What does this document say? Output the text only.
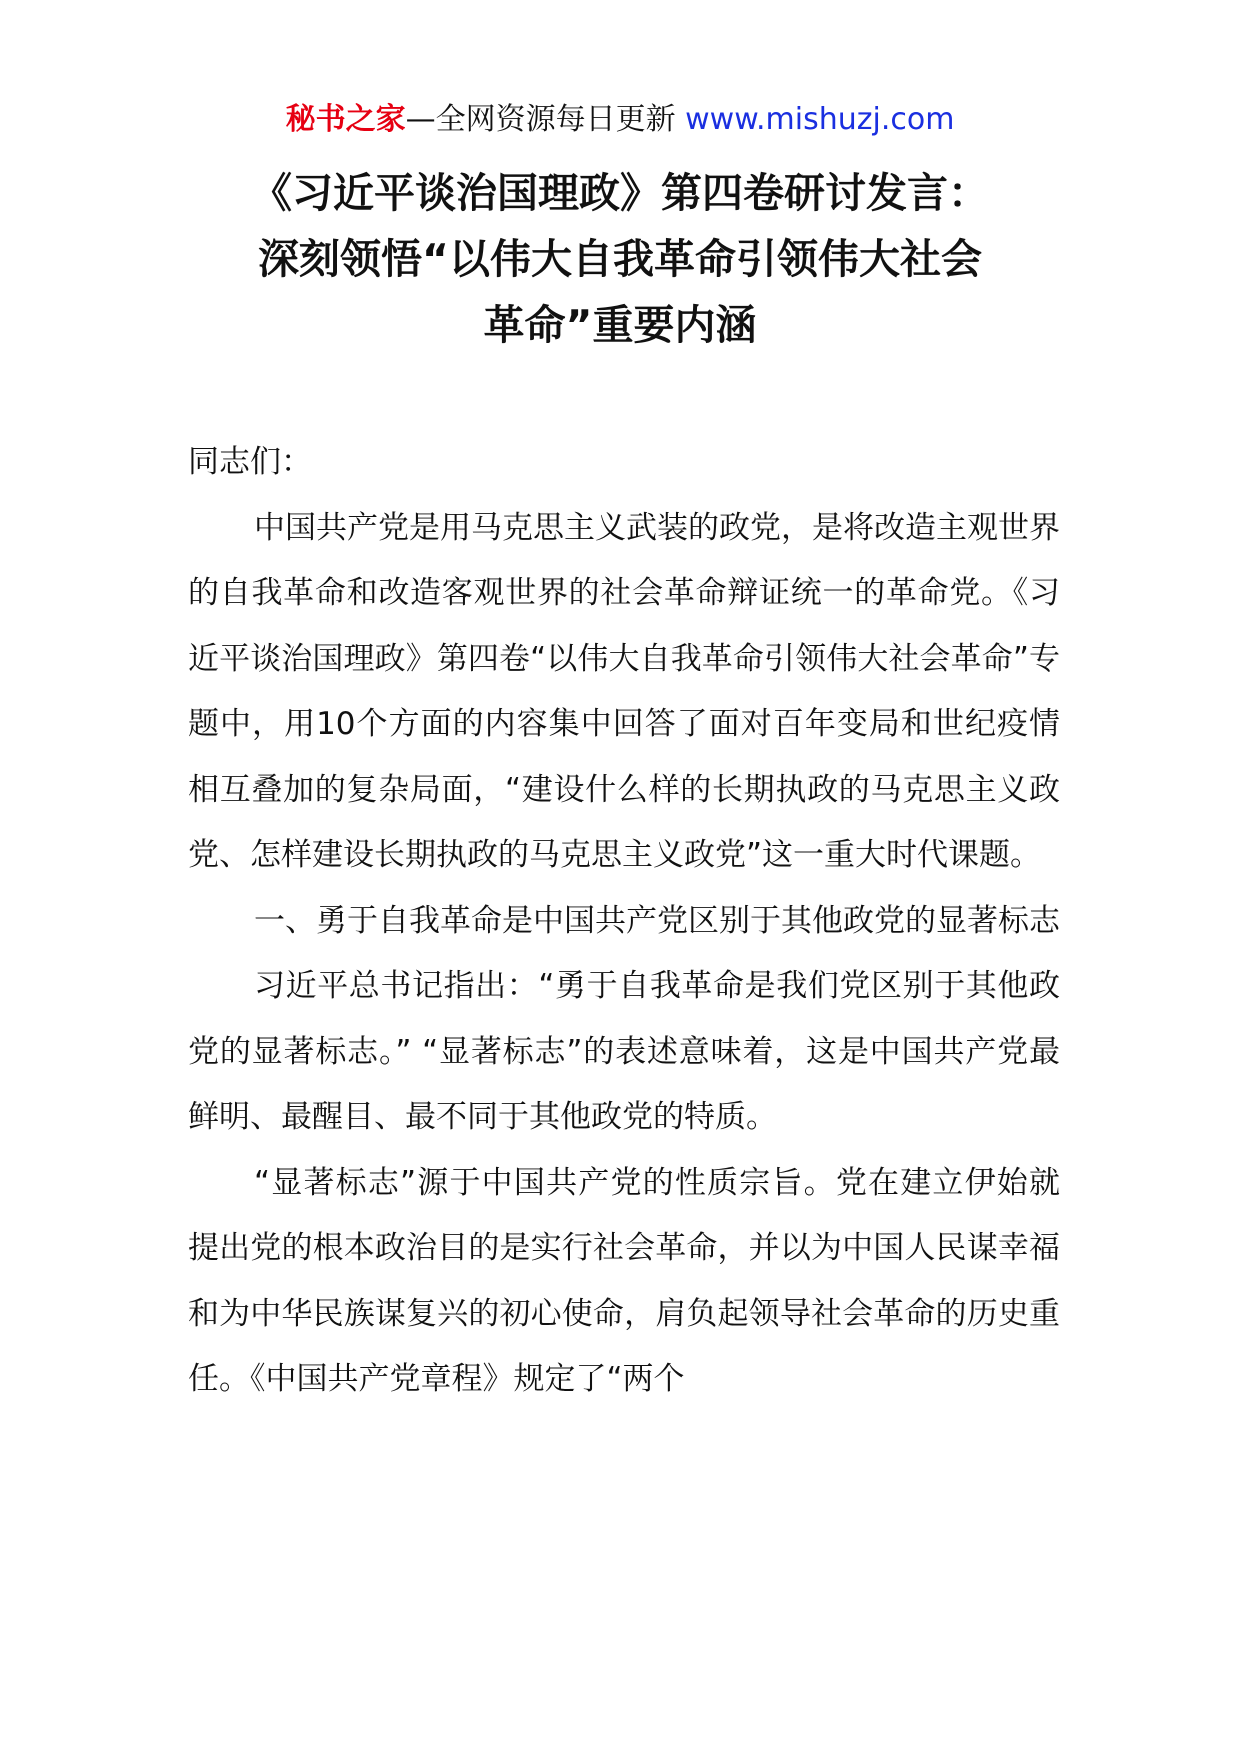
秘书之家—全网资源每日更新 www.mishuzj.com
《习近平谈治国理政》第四卷研讨发言：
深刻领悟“以伟大自我革命引领伟大社会
革命”重要内涵

同志们：

中国共产党是用马克思主义武装的政党，是将改造主观世界的自我革命和改造客观世界的社会革命辩证统一的革命党。《习近平谈治国理政》第四卷“以伟大自我革命引领伟大社会革命”专题中，用10个方面的内容集中回答了面对百年变局和世纪疫情相互叠加的复杂局面，“建设什么样的长期执政的马克思主义政党、怎样建设长期执政的马克思主义政党”这一重大时代课题。

一、勇于自我革命是中国共产党区别于其他政党的显著标志

习近平总书记指出：“勇于自我革命是我们党区别于其他政党的显著标志。” “显著标志”的表述意味着，这是中国共产党最鲜明、最醒目、最不同于其他政党的特质。

“显著标志”源于中国共产党的性质宗旨。党在建立伊始就提出党的根本政治目的是实行社会革命，并以为中国人民谋幸福和为中华民族谋复兴的初心使命，肩负起领导社会革命的历史重任。《中国共产党章程》规定了“两个
